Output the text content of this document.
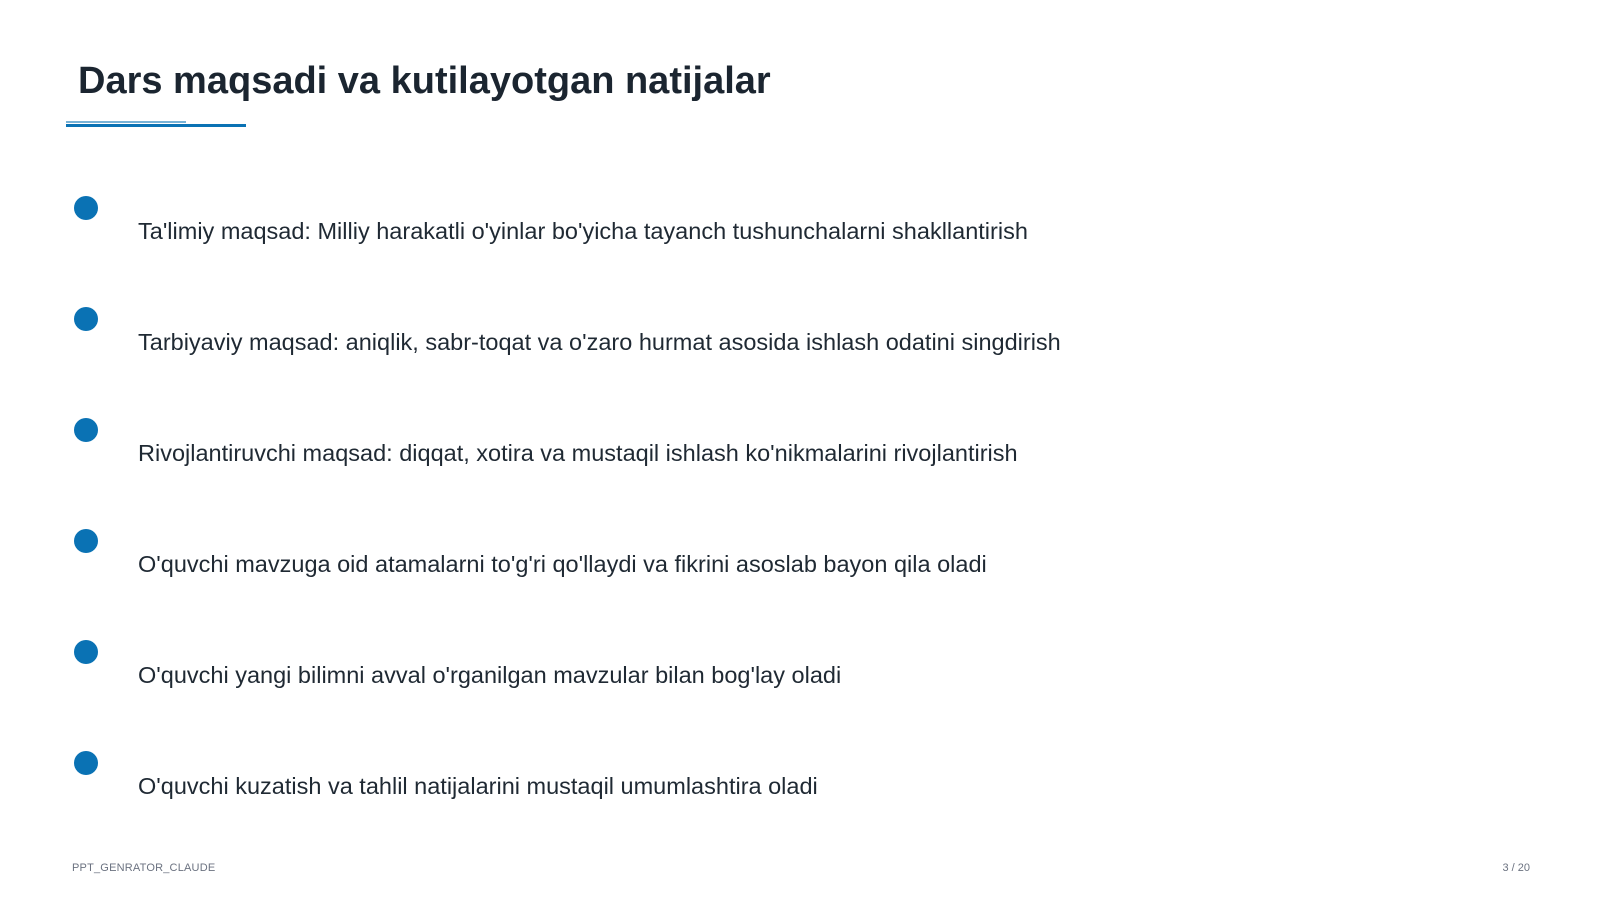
Dars maqsadi va kutilayotgan natijalar
Ta'limiy maqsad: Milliy harakatli o'yinlar bo'yicha tayanch tushunchalarni shakllantirish
Tarbiyaviy maqsad: aniqlik, sabr-toqat va o'zaro hurmat asosida ishlash odatini singdirish
Rivojlantiruvchi maqsad: diqqat, xotira va mustaqil ishlash ko'nikmalarini rivojlantirish
O'quvchi mavzuga oid atamalarni to'g'ri qo'llaydi va fikrini asoslab bayon qila oladi
O'quvchi yangi bilimni avval o'rganilgan mavzular bilan bog'lay oladi
O'quvchi kuzatish va tahlil natijalarini mustaqil umumlashtira oladi
PPT_GENRATOR_CLAUDE	3 / 20
